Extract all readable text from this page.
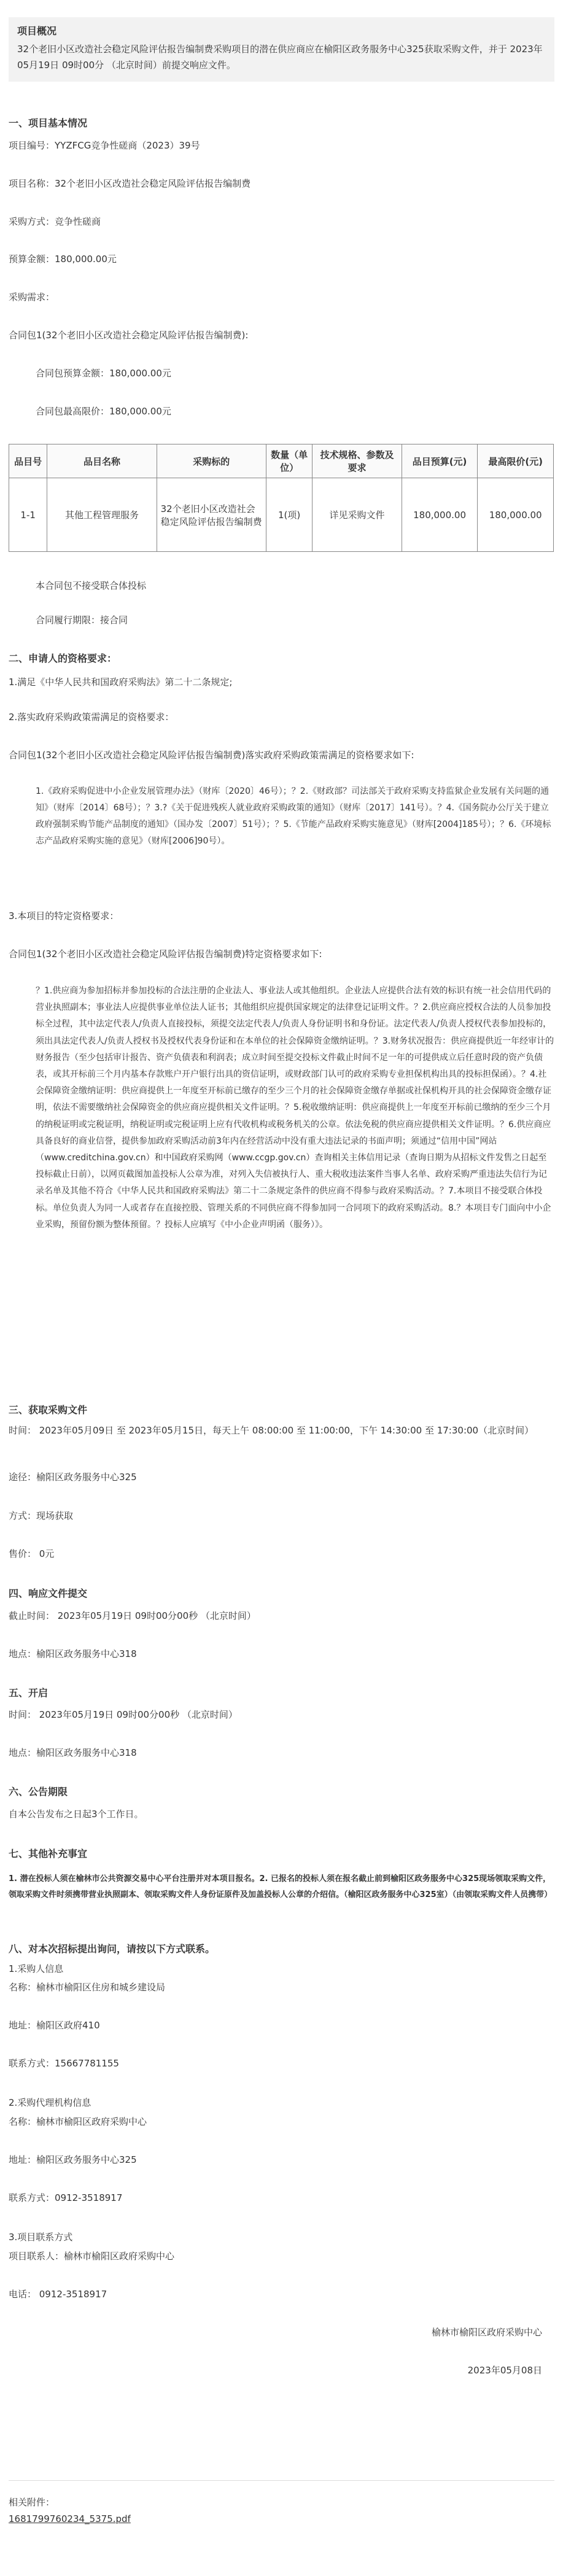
项目概况

32个老旧小区改造社会稳定风险评估报告编制费采购项目的潜在供应商应在榆阳区政务服务中心325获取采购文件，并于 2023年05月19日 09时00分 （北京时间）前提交响应文件。

一、项目基本情况
项目编号：YYZFCG竞争性磋商（2023）39号
项目名称：32个老旧小区改造社会稳定风险评估报告编制费
采购方式：竞争性磋商
预算金额：180,000.00元
采购需求：
合同包1(32个老旧小区改造社会稳定风险评估报告编制费):
合同包预算金额：180,000.00元
合同包最高限价：180,000.00元
品目号	品目名称	采购标的	数量（单位）	技术规格、参数及要求	品目预算(元)	最高限价(元)
1-1	其他工程管理服务	32个老旧小区改造社会稳定风险评估报告编制费	1(项)	详见采购文件	180,000.00	180,000.00
本合同包不接受联合体投标
合同履行期限：接合同
二、申请人的资格要求：
1.满足《中华人民共和国政府采购法》第二十二条规定;
2.落实政府采购政策需满足的资格要求：
合同包1(32个老旧小区改造社会稳定风险评估报告编制费)落实政府采购政策需满足的资格要求如下:
1.《政府采购促进中小企业发展管理办法》（财库〔2020〕46号）；？2.《财政部？司法部关于政府采购支持监狱企业发展有关问题的通知》（财库〔2014〕68号）；？3.?《关于促进残疾人就业政府采购政策的通知》（财库〔2017〕141号）。？4.《国务院办公厅关于建立政府强制采购节能产品制度的通知》（国办发〔2007〕51号）；？5.《节能产品政府采购实施意见》（财库[2004]185号）；？6.《环境标志产品政府采购实施的意见》（财库[2006]90号）。
3.本项目的特定资格要求：
合同包1(32个老旧小区改造社会稳定风险评估报告编制费)特定资格要求如下:
？1.供应商为参加招标并参加投标的合法注册的企业法人、事业法人或其他组织。企业法人应提供合法有效的标识有统一社会信用代码的营业执照副本；事业法人应提供事业单位法人证书；其他组织应提供国家规定的法律登记证明文件。？2.供应商应授权合法的人员参加投标全过程，其中法定代表人/负责人直接投标，须提交法定代表人/负责人身份证明书和身份证。法定代表人/负责人授权代表参加投标的，须出具法定代表人/负责人授权书及授权代表身份证和在本单位的社会保障资金缴纳证明。？3.财务状况报告：供应商提供近一年经审计的财务报告（至少包括审计报告、资产负债表和利润表；成立时间至提交投标文件截止时间不足一年的可提供成立后任意时段的资产负债表，或其开标前三个月内基本存款账户开户银行出具的资信证明，或财政部门认可的政府采购专业担保机构出具的投标担保函）。？4.社会保障资金缴纳证明：供应商提供上一年度至开标前已缴存的至少三个月的社会保障资金缴存单据或社保机构开具的社会保障资金缴存证明，依法不需要缴纳社会保障资金的供应商应提供相关文件证明。？5.税收缴纳证明：供应商提供上一年度至开标前已缴纳的至少三个月的纳税证明或完税证明，纳税证明或完税证明上应有代收机构或税务机关的公章。依法免税的供应商应提供相关文件证明。？6.供应商应具备良好的商业信誉，提供参加政府采购活动前3年内在经营活动中没有重大违法记录的书面声明；须通过“信用中国”网站（www.creditchina.gov.cn）和中国政府采购网（www.ccgp.gov.cn）查询相关主体信用记录（查询日期为从招标文件发售之日起至投标截止日前），以网页截图加盖投标人公章为准，对列入失信被执行人、重大税收违法案件当事人名单、政府采购严重违法失信行为记录名单及其他不符合《中华人民共和国政府采购法》第二十二条规定条件的供应商不得参与政府采购活动。？7.本项目不接受联合体投标。单位负责人为同一人或者存在直接控股、管理关系的不同供应商不得参加同一合同项下的政府采购活动。8.？本项目专门面向中小企业采购，预留份额为整体预留。？投标人应填写《中小企业声明函（服务）》。
三、获取采购文件
时间： 2023年05月09日 至 2023年05月15日，每天上午 08:00:00 至 11:00:00，下午 14:30:00 至 17:30:00（北京时间）
途径：榆阳区政务服务中心325
方式：现场获取
售价： 0元
四、响应文件提交
截止时间： 2023年05月19日 09时00分00秒 （北京时间）
地点：榆阳区政务服务中心318
五、开启
时间： 2023年05月19日 09时00分00秒 （北京时间）
地点：榆阳区政务服务中心318
六、公告期限
自本公告发布之日起3个工作日。
七、其他补充事宜
1. 潜在投标人须在榆林市公共资源交易中心平台注册并对本项目报名。2. 已报名的投标人须在报名截止前到榆阳区政务服务中心325现场领取采购文件，领取采购文件时须携带营业执照副本、领取采购文件人身份证原件及加盖投标人公章的介绍信。（榆阳区政务服务中心325室）（由领取采购文件人员携带）
八、对本次招标提出询问，请按以下方式联系。
1.采购人信息
名称：榆林市榆阳区住房和城乡建设局
地址：榆阳区政府410
联系方式：15667781155
2.采购代理机构信息
名称：榆林市榆阳区政府采购中心
地址：榆阳区政务服务中心325
联系方式：0912-3518917
3.项目联系方式
项目联系人：榆林市榆阳区政府采购中心
电话： 0912-3518917
榆林市榆阳区政府采购中心
2023年05月08日
相关附件：
1681799760234_5375.pdf
